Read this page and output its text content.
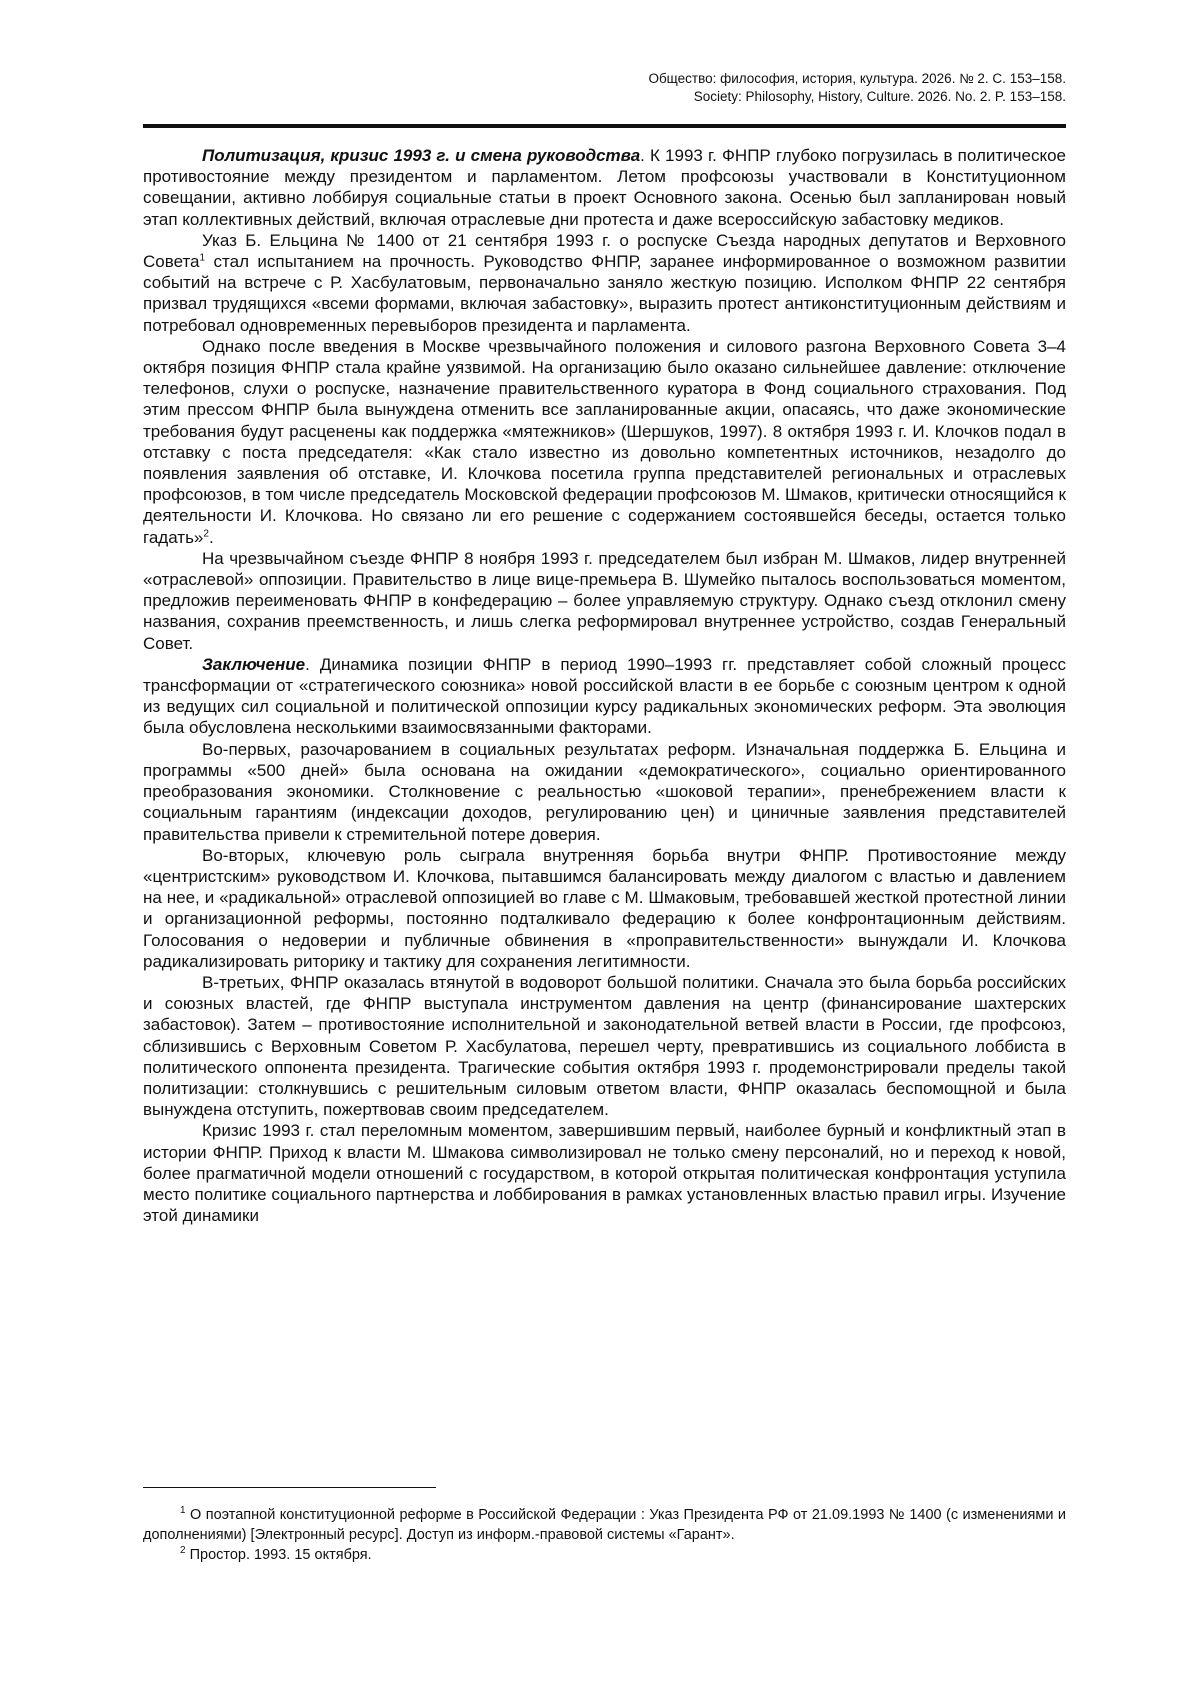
Общество: философия, история, культура. 2026. № 2. С. 153–158.
Society: Philosophy, History, Culture. 2026. No. 2. P. 153–158.

Политизация, кризис 1993 г. и смена руководства. К 1993 г. ФНПР глубоко погрузилась в политическое противостояние между президентом и парламентом. Летом профсоюзы участвовали в Конституционном совещании, активно лоббируя социальные статьи в проект Основного закона. Осенью был запланирован новый этап коллективных действий, включая отраслевые дни протеста и даже всероссийскую забастовку медиков.

Указ Б. Ельцина № 1400 от 21 сентября 1993 г. о роспуске Съезда народных депутатов и Верховного Совета$^1$ стал испытанием на прочность. Руководство ФНПР, заранее информированное о возможном развитии событий на встрече с Р. Хасбулатовым, первоначально заняло жесткую позицию. Исполком ФНПР 22 сентября призвал трудящихся «всеми формами, включая забастовку», выразить протест антиконституционным действиям и потребовал одновременных перевыборов президента и парламента.

Однако после введения в Москве чрезвычайного положения и силового разгона Верховного Совета 3–4 октября позиция ФНПР стала крайне уязвимой. На организацию было оказано сильнейшее давление: отключение телефонов, слухи о роспуске, назначение правительственного куратора в Фонд социального страхования. Под этим прессом ФНПР была вынуждена отменить все запланированные акции, опасаясь, что даже экономические требования будут расценены как поддержка «мятежников» (Шершуков, 1997). 8 октября 1993 г. И. Клочков подал в отставку с поста председателя: «Как стало известно из довольно компетентных источников, незадолго до появления заявления об отставке, И. Клочкова посетила группа представителей региональных и отраслевых профсоюзов, в том числе председатель Московской федерации профсоюзов М. Шмаков, критически относящийся к деятельности И. Клочкова. Но связано ли его решение с содержанием состоявшейся беседы, остается только гадать»$^2$.

На чрезвычайном съезде ФНПР 8 ноября 1993 г. председателем был избран М. Шмаков, лидер внутренней «отраслевой» оппозиции. Правительство в лице вице-премьера В. Шумейко пыталось воспользоваться моментом, предложив переименовать ФНПР в конфедерацию – более управляемую структуру. Однако съезд отклонил смену названия, сохранив преемственность, и лишь слегка реформировал внутреннее устройство, создав Генеральный Совет.

Заключение. Динамика позиции ФНПР в период 1990–1993 гг. представляет собой сложный процесс трансформации от «стратегического союзника» новой российской власти в ее борьбе с союзным центром к одной из ведущих сил социальной и политической оппозиции курсу радикальных экономических реформ. Эта эволюция была обусловлена несколькими взаимосвязанными факторами.

Во-первых, разочарованием в социальных результатах реформ. Изначальная поддержка Б. Ельцина и программы «500 дней» была основана на ожидании «демократического», социально ориентированного преобразования экономики. Столкновение с реальностью «шоковой терапии», пренебрежением власти к социальным гарантиям (индексации доходов, регулированию цен) и циничные заявления представителей правительства привели к стремительной потере доверия.

Во-вторых, ключевую роль сыграла внутренняя борьба внутри ФНПР. Противостояние между «центристским» руководством И. Клочкова, пытавшимся балансировать между диалогом с властью и давлением на нее, и «радикальной» отраслевой оппозицией во главе с М. Шмаковым, требовавшей жесткой протестной линии и организационной реформы, постоянно подталкивало федерацию к более конфронтационным действиям. Голосования о недоверии и публичные обвинения в «проправительственности» вынуждали И. Клочкова радикализировать риторику и тактику для сохранения легитимности.

В-третьих, ФНПР оказалась втянутой в водоворот большой политики. Сначала это была борьба российских и союзных властей, где ФНПР выступала инструментом давления на центр (финансирование шахтерских забастовок). Затем – противостояние исполнительной и законодательной ветвей власти в России, где профсоюз, сблизившись с Верховным Советом Р. Хасбулатова, перешел черту, превратившись из социального лоббиста в политического оппонента президента. Трагические события октября 1993 г. продемонстрировали пределы такой политизации: столкнувшись с решительным силовым ответом власти, ФНПР оказалась беспомощной и была вынуждена отступить, пожертвовав своим председателем.

Кризис 1993 г. стал переломным моментом, завершившим первый, наиболее бурный и конфликтный этап в истории ФНПР. Приход к власти М. Шмакова символизировал не только смену персоналий, но и переход к новой, более прагматичной модели отношений с государством, в которой открытая политическая конфронтация уступила место политике социального партнерства и лоббирования в рамках установленных властью правил игры. Изучение этой динамики

$^1$ О поэтапной конституционной реформе в Российской Федерации : Указ Президента РФ от 21.09.1993 № 1400 (с изменениями и дополнениями) [Электронный ресурс]. Доступ из информ.-правовой системы «Гарант».

$^2$ Простор. 1993. 15 октября.
